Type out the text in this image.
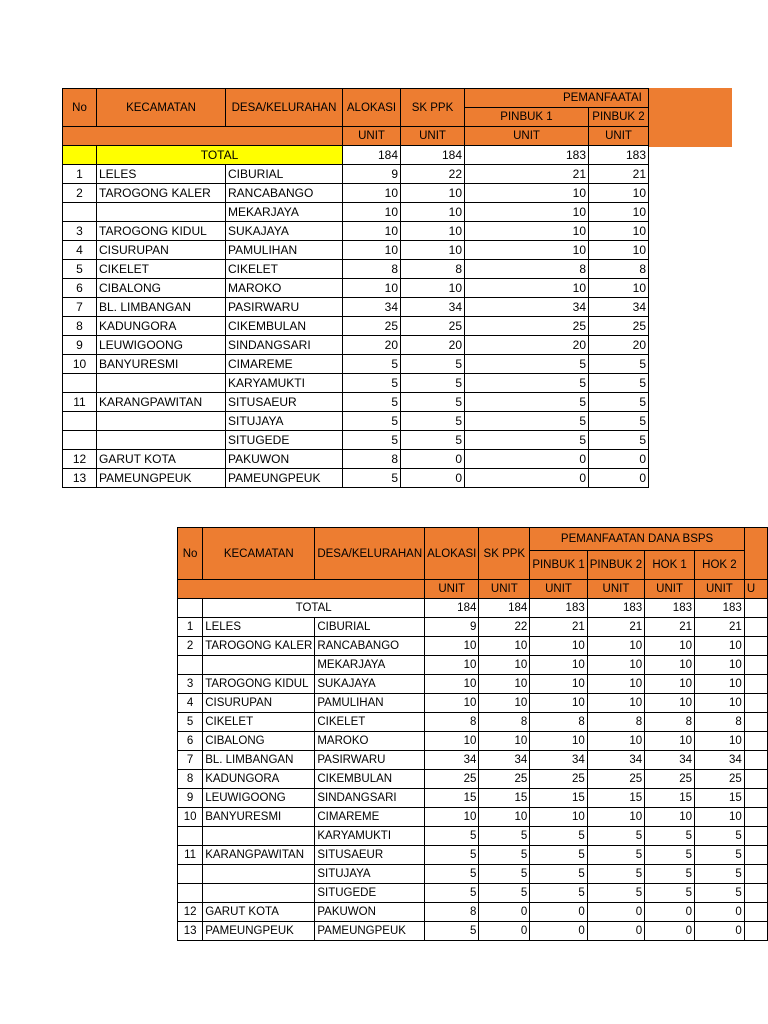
No	KECAMATAN	DESA/KELURAHAN	ALOKASI	SK PPK	PEMANFAATAI	
					PINBUK 1	PINBUK 2
			UNIT	UNIT	UNIT	UNIT
	TOTAL		184	184	183	183
1	LELES	CIBURIAL	9	22	21	21
2	TAROGONG KALER	RANCABANGO	10	10	10	10
		MEKARJAYA	10	10	10	10
3	TAROGONG KIDUL	SUKAJAYA	10	10	10	10
4	CISURUPAN	PAMULIHAN	10	10	10	10
5	CIKELET	CIKELET	8	8	8	8
6	CIBALONG	MAROKO	10	10	10	10
7	BL. LIMBANGAN	PASIRWARU	34	34	34	34
8	KADUNGORA	CIKEMBULAN	25	25	25	25
9	LEUWIGOONG	SINDANGSARI	20	20	20	20
10	BANYURESMI	CIMAREME	5	5	5	5
		KARYAMUKTI	5	5	5	5
11	KARANGPAWITAN	SITUSAEUR	5	5	5	5
		SITUJAYA	5	5	5	5
		SITUGEDE	5	5	5	5
12	GARUT KOTA	PAKUWON	8	0	0	0
13	PAMEUNGPEUK	PAMEUNGPEUK	5	0	0	0
No	KECAMATAN	DESA/KELURAHAN	ALOKASI	SK PPK	PEMANFAATAN DANA BSPS				
					PINBUK 1	PINBUK 2	HOK 1	HOK 2	
			UNIT	UNIT	UNIT	UNIT	UNIT	UNIT	U
	TOTAL		184	184	183	183	183	183	
1	LELES	CIBURIAL	9	22	21	21	21	21	
2	TAROGONG KALER	RANCABANGO	10	10	10	10	10	10	
		MEKARJAYA	10	10	10	10	10	10	
3	TAROGONG KIDUL	SUKAJAYA	10	10	10	10	10	10	
4	CISURUPAN	PAMULIHAN	10	10	10	10	10	10	
5	CIKELET	CIKELET	8	8	8	8	8	8	
6	CIBALONG	MAROKO	10	10	10	10	10	10	
7	BL. LIMBANGAN	PASIRWARU	34	34	34	34	34	34	
8	KADUNGORA	CIKEMBULAN	25	25	25	25	25	25	
9	LEUWIGOONG	SINDANGSARI	15	15	15	15	15	15	
10	BANYURESMI	CIMAREME	10	10	10	10	10	10	
		KARYAMUKTI	5	5	5	5	5	5	
11	KARANGPAWITAN	SITUSAEUR	5	5	5	5	5	5	
		SITUJAYA	5	5	5	5	5	5	
		SITUGEDE	5	5	5	5	5	5	
12	GARUT KOTA	PAKUWON	8	0	0	0	0	0	
13	PAMEUNGPEUK	PAMEUNGPEUK	5	0	0	0	0	0	
